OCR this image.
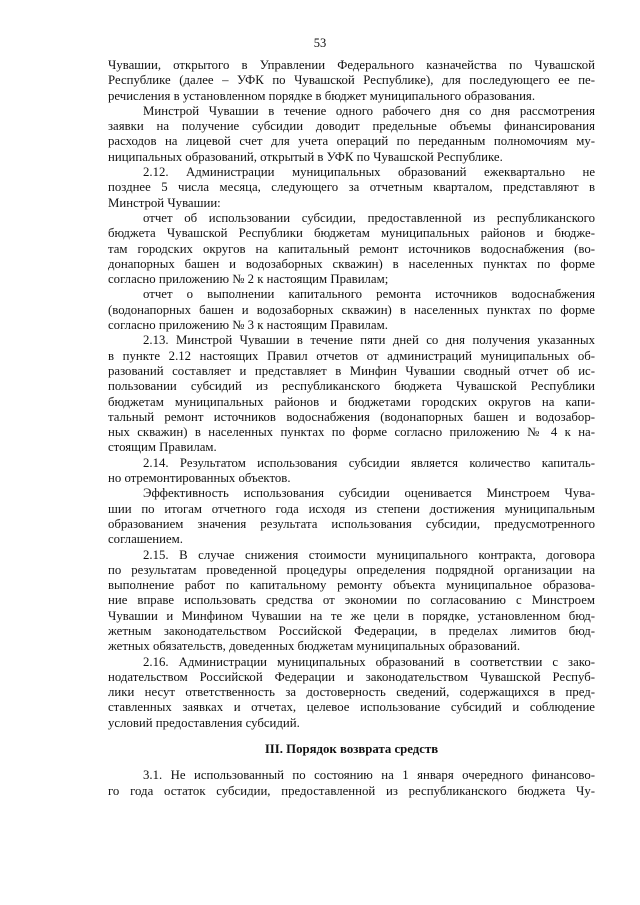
53
Чувашии, открытого в Управлении Федерального казначейства по Чувашской
Республике (далее – УФК по Чувашской Республике), для последующего ее пе-
речисления в установленном порядке в бюджет муниципального образования.
Минстрой Чувашии в течение одного рабочего дня со дня рассмотрения
заявки на получение субсидии доводит предельные объемы финансирования
расходов на лицевой счет для учета операций по переданным полномочиям му-
ниципальных образований, открытый в УФК по Чувашской Республике.
2.12. Администрации муниципальных образований ежеквартально не
позднее 5 числа месяца, следующего за отчетным кварталом, представляют в
Минстрой Чувашии:
отчет об использовании субсидии, предоставленной из республиканского
бюджета Чувашской Республики бюджетам муниципальных районов и бюдже-
там городских округов на капитальный ремонт источников водоснабжения (во-
донапорных башен и водозаборных скважин) в населенных пунктах по форме
согласно приложению № 2 к настоящим Правилам;
отчет о выполнении капитального ремонта источников водоснабжения
(водонапорных башен и водозаборных скважин) в населенных пунктах по форме
согласно приложению № 3 к настоящим Правилам.
2.13. Минстрой Чувашии в течение пяти дней со дня получения указанных
в пункте 2.12 настоящих Правил отчетов от администраций муниципальных об-
разований составляет и представляет в Минфин Чувашии сводный отчет об ис-
пользовании субсидий из республиканского бюджета Чувашской Республики
бюджетам муниципальных районов и бюджетами городских округов на капи-
тальный ремонт источников водоснабжения (водонапорных башен и водозабор-
ных скважин) в населенных пунктах по форме согласно приложению № 4 к на-
стоящим Правилам.
2.14. Результатом использования субсидии является количество капиталь-
но отремонтированных объектов.
Эффективность использования субсидии оценивается Минстроем Чува-
шии по итогам отчетного года исходя из степени достижения муниципальным
образованием значения результата использования субсидии, предусмотренного
соглашением.
2.15. В случае снижения стоимости муниципального контракта, договора
по результатам проведенной процедуры определения подрядной организации на
выполнение работ по капитальному ремонту объекта муниципальное образова-
ние вправе использовать средства от экономии по согласованию с Минстроем
Чувашии и Минфином Чувашии на те же цели в порядке, установленном бюд-
жетным законодательством Российской Федерации, в пределах лимитов бюд-
жетных обязательств, доведенных бюджетам муниципальных образований.
2.16. Администрации муниципальных образований в соответствии с зако-
нодательством Российской Федерации и законодательством Чувашской Респуб-
лики несут ответственность за достоверность сведений, содержащихся в пред-
ставленных заявках и отчетах, целевое использование субсидий и соблюдение
условий предоставления субсидий.
III. Порядок возврата средств
3.1. Не использованный по состоянию на 1 января очередного финансово-
го года остаток субсидии, предоставленной из республиканского бюджета Чу-
